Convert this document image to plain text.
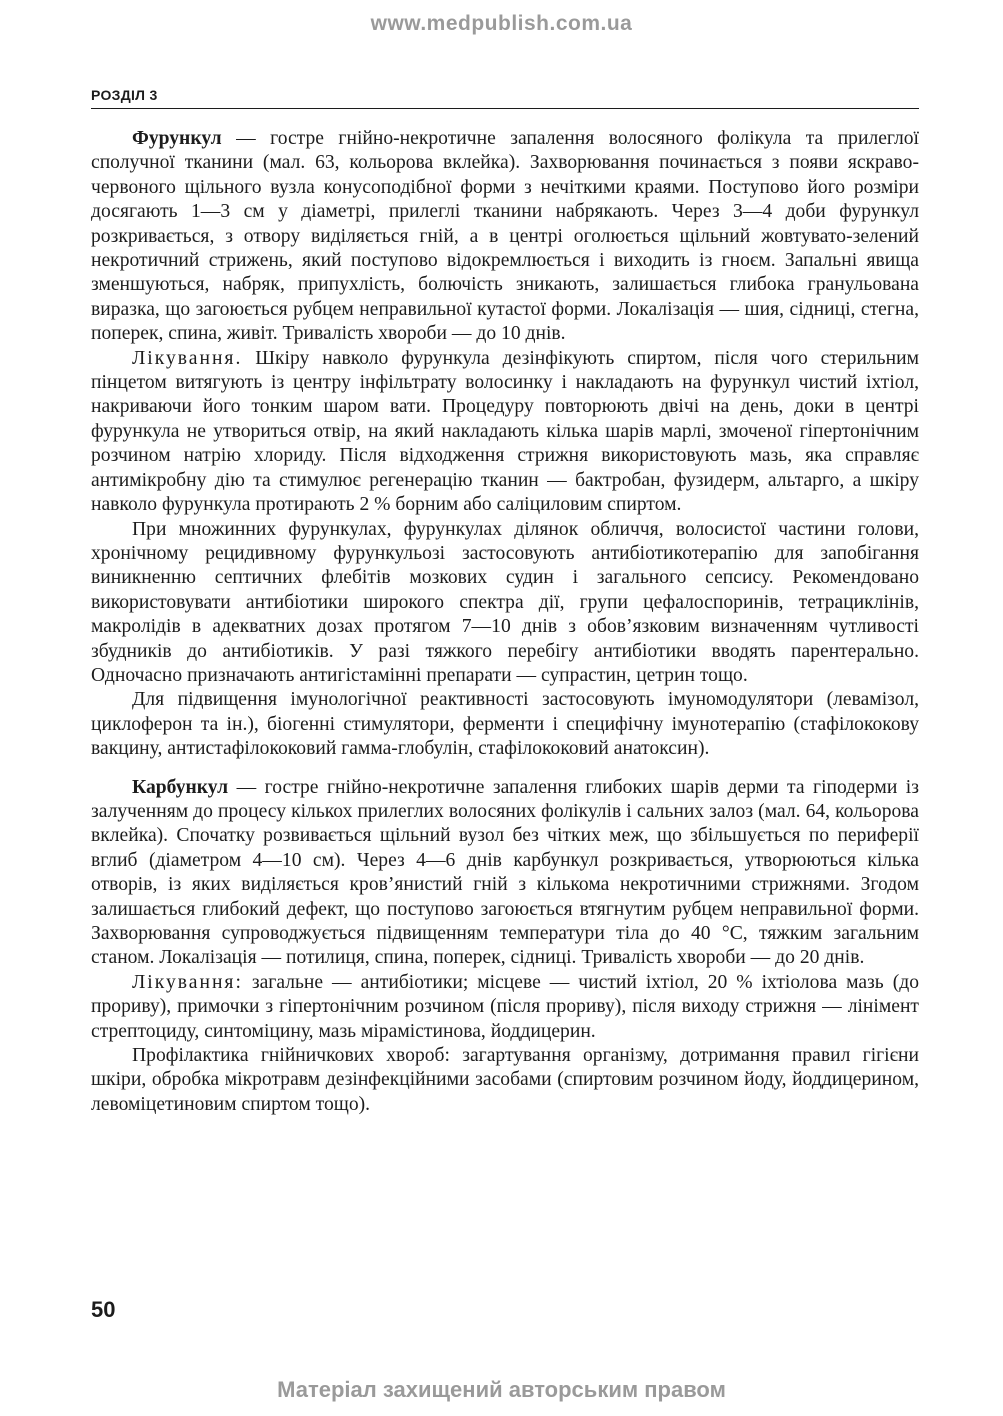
www.medpublish.com.ua
РОЗДІЛ 3

Фурункул — гостре гнійно-некротичне запалення волосяного фолікула та прилеглої сполучної тканини (мал. 63, кольорова вклейка). Захворювання починається з появи яскраво-червоного щільного вузла конусоподібної форми з нечіткими краями. Поступово його розміри досягають 1—3 см у діаметрі, прилеглі тканини набрякають. Через 3—4 доби фурункул розкривається, з отвору виділяється гній, а в центрі оголюється щільний жовтувато-зелений некротичний стрижень, який поступово відокремлюється і виходить із гноєм. Запальні явища зменшуються, набряк, припухлість, болючість зникають, залишається глибока гранульована виразка, що загоюється рубцем неправильної кутастої форми. Локалізація — шия, сідниці, стегна, поперек, спина, живіт. Тривалість хвороби — до 10 днів.

Лікування. Шкіру навколо фурункула дезінфікують спиртом, після чого стерильним пінцетом витягують із центру інфільтрату волосинку і накладають на фурункул чистий іхтіол, накриваючи його тонким шаром вати. Процедуру повторюють двічі на день, доки в центрі фурункула не утвориться отвір, на який накладають кілька шарів марлі, змоченої гіпертонічним розчином натрію хлориду. Після відходження стрижня використовують мазь, яка справляє антимікробну дію та стимулює регенерацію тканин — бактробан, фузидерм, альтарго, а шкіру навколо фурункула протирають 2 % борним або саліциловим спиртом.

При множинних фурункулах, фурункулах ділянок обличчя, волосистої частини голови, хронічному рецидивному фурункульозі застосовують антибіотикотерапію для запобігання виникненню септичних флебітів мозкових судин і загального сепсису. Рекомендовано використовувати антибіотики широкого спектра дії, групи цефалоспоринів, тетрациклінів, макролідів в адекватних дозах протягом 7—10 днів з обов’язковим визначенням чутливості збудників до антибіотиків. У разі тяжкого перебігу антибіотики вводять парентерально. Одночасно призначають антигістамінні препарати — супрастин, цетрин тощо.

Для підвищення імунологічної реактивності застосовують імуномодулятори (левамізол, циклоферон та ін.), біогенні стимулятори, ферменти і специфічну імунотерапію (стафілококову вакцину, антистафілококовий гамма-глобулін, стафілококовий анатоксин).

Карбункул — гостре гнійно-некротичне запалення глибоких шарів дерми та гіподерми із залученням до процесу кількох прилеглих волосяних фолікулів і сальних залоз (мал. 64, кольорова вклейка). Спочатку розвивається щільний вузол без чітких меж, що збільшується по периферії вглиб (діаметром 4—10 см). Через 4—6 днів карбункул розкривається, утворюються кілька отворів, із яких виділяється кров’янистий гній з кількома некротичними стрижнями. Згодом залишається глибокий дефект, що поступово загоюється втягнутим рубцем неправильної форми. Захворювання супроводжується підвищенням температури тіла до 40 °С, тяжким загальним станом. Локалізація — потилиця, спина, поперек, сідниці. Тривалість хвороби — до 20 днів.

Лікування: загальне — антибіотики; місцеве — чистий іхтіол, 20 % іхтіолова мазь (до прориву), примочки з гіпертонічним розчином (після прориву), після виходу стрижня — лінімент стрептоциду, синтоміцину, мазь мірамістинова, йоддицерин.

Профілактика гнійничкових хвороб: загартування організму, дотримання правил гігієни шкіри, обробка мікротравм дезінфекційними засобами (спиртовим розчином йоду, йоддицерином, левоміцетиновим спиртом тощо).

50
Матеріал захищений авторським правом
